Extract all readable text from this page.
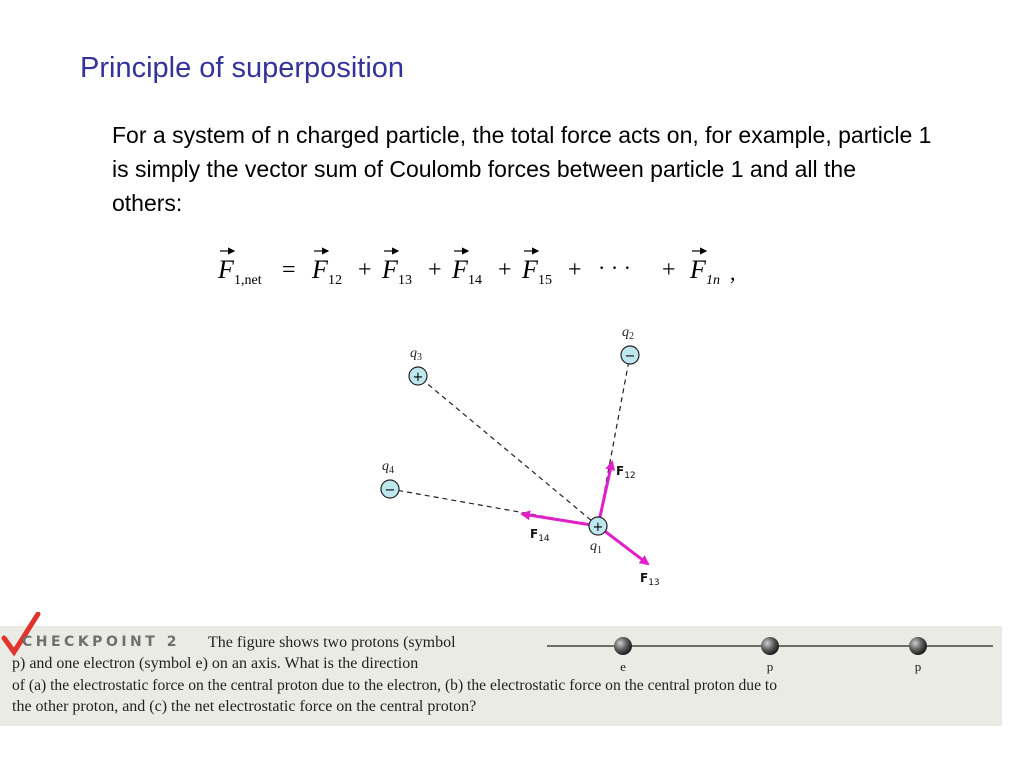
Principle of superposition

For a system of n charged particle, the total force acts on, for example, particle 1 is simply the vector sum of Coulomb forces between particle 1 and all the others:

F 1,net = F 12 + F 13 + F 14 + F 15 + · · · + F 1n ,
+
−
+
−
$q_1$
$q_2$
$q_3$
$q_4$	$F_{12}$
$F_{13}$
$F_{14}$
CHECKPOINT 2 The figure shows two protons (symbol
p) and one electron (symbol e) on an axis. What is the direction
of (a) the electrostatic force on the central proton due to the electron, (b) the electrostatic force on the central proton due to
the other proton, and (c) the net electrostatic force on the central proton?
e	p	p
